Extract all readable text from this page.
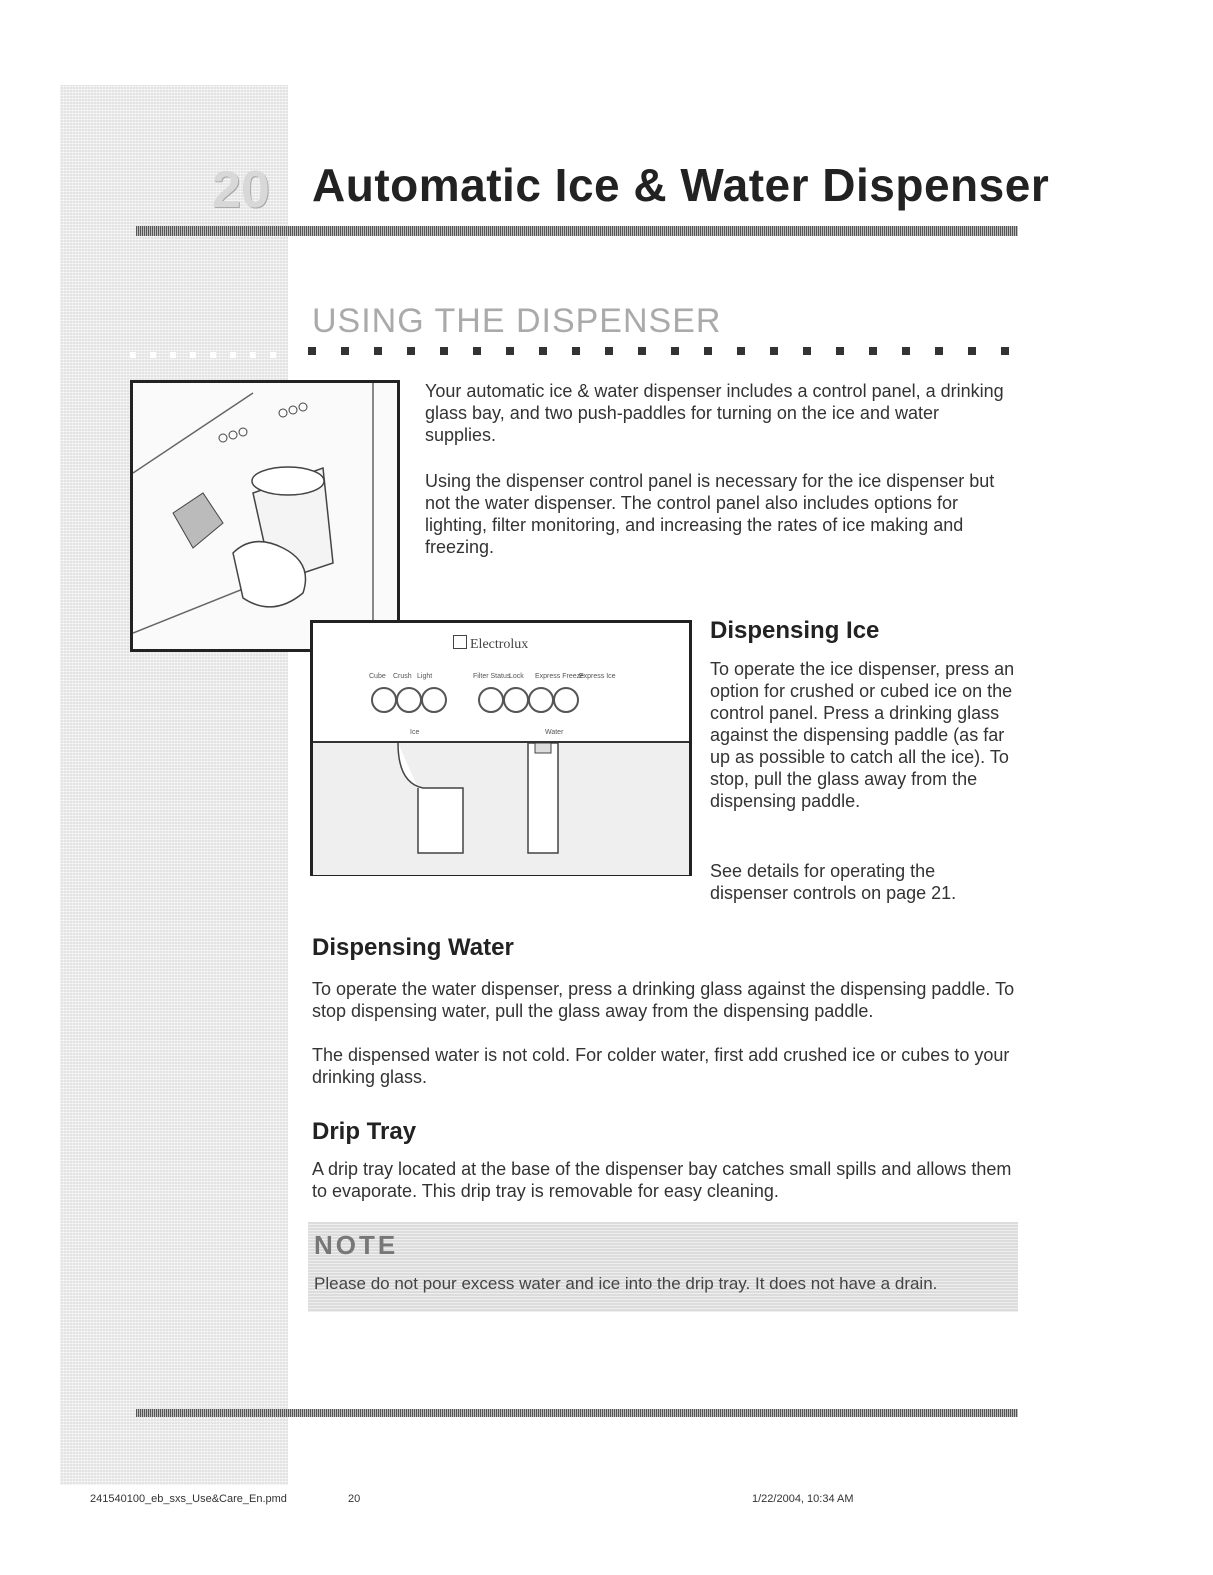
20 Automatic Ice & Water Dispenser
USING THE DISPENSER

Your automatic ice & water dispenser includes a control panel, a drinking glass bay, and two push-paddles for turning on the ice and water supplies.

Using the dispenser control panel is necessary for the ice dispenser but not the water dispenser. The control panel also includes options for lighting, filter monitoring, and increasing the rates of ice making and freezing.

Electrolux
Cube Crush Light	Filter Status
Lock Express Freeze
Express Ice
Ice	Water
Dispensing Ice

To operate the ice dispenser, press an option for crushed or cubed ice on the control panel. Press a drinking glass against the dispensing paddle (as far up as possible to catch all the ice). To stop, pull the glass away from the dispensing paddle.

See details for operating the dispenser controls on page 21.

Dispensing Water

To operate the water dispenser, press a drinking glass against the dispensing paddle. To stop dispensing water, pull the glass away from the dispensing paddle.

The dispensed water is not cold. For colder water, first add crushed ice or cubes to your drinking glass.

Drip Tray

A drip tray located at the base of the dispenser bay catches small spills and allows them to evaporate. This drip tray is removable for easy cleaning.

NOTE

Please do not pour excess water and ice into the drip tray. It does not have a drain.

241540100_eb_sxs_Use&Care_En.pmd	20	1/22/2004, 10:34 AM
